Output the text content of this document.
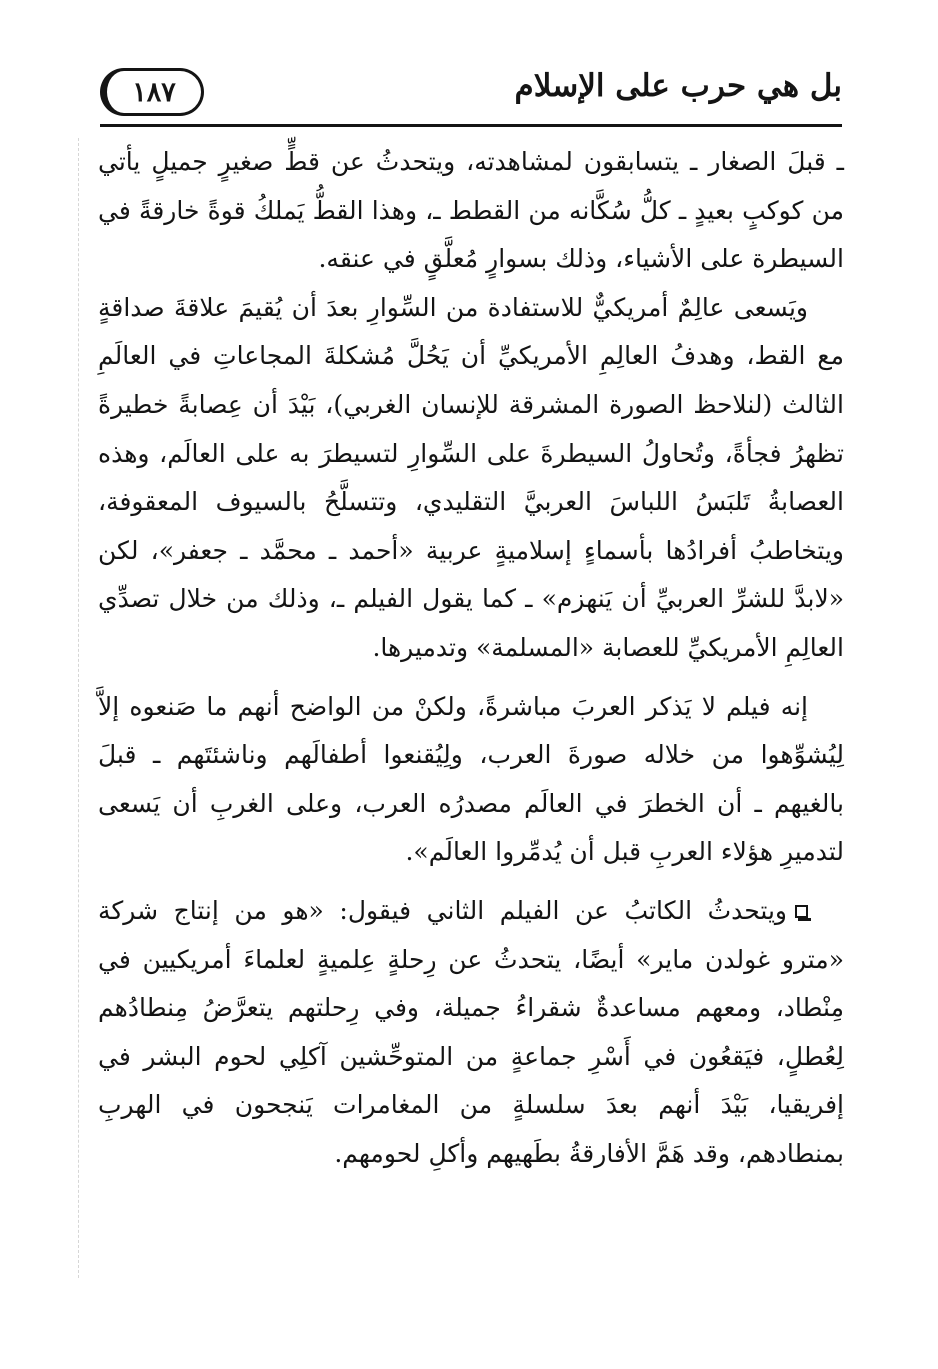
١٨٧	بل هي حرب على الإسلام

ـ قبلَ الصغار ـ يتسابقون لمشاهدته، ويتحدثُ عن قطٍّ صغيرٍ جميلٍ يأتي من كوكبٍ بعيدٍ ـ كلُّ سُكَّانه من القطط ـ، وهذا القطُّ يَملكُ قوةً خارقةً في السيطرة على الأشياء، وذلك بسوارٍ مُعلَّقٍ في عنقه.

ويَسعى عالِمٌ أمريكيٌّ للاستفادة من السِّوارِ بعدَ أن يُقيمَ علاقةَ صداقةٍ مع القط، وهدفُ العالِمِ الأمريكيِّ أن يَحُلَّ مُشكلةَ المجاعاتِ في العالَمِ الثالث (لنلاحظ الصورة المشرقة للإنسان الغربي)، بَيْدَ أن عِصابةً خطيرةً تظهرُ فجأةً، وتُحاولُ السيطرةَ على السِّوارِ لتسيطرَ به على العالَم، وهذه العصابةُ تَلبَسُ اللباسَ العربيَّ التقليدي، وتتسلَّحُ بالسيوف المعقوفة، ويتخاطبُ أفرادُها بأسماءٍ إسلاميةٍ عربية «أحمد ـ محمَّد ـ جعفر»، لكن «لابدَّ للشرِّ العربيِّ أن يَنهزم» ـ كما يقول الفيلم ـ، وذلك من خلال تصدِّي العالِمِ الأمريكيِّ للعصابة «المسلمة» وتدميرها.

إنه فيلم لا يَذكر العربَ مباشرةً، ولكنْ من الواضح أنهم ما صَنعوه إلاَّ لِيُشوِّهوا من خلاله صورةَ العرب، ولِيُقنعوا أطفالَهم وناشئتَهم ـ قبلَ بالغيهم ـ أن الخطرَ في العالَم مصدرُه العرب، وعلى الغربِ أن يَسعى لتدميرِ هؤلاء العربِ قبل أن يُدمِّروا العالَم».

ويتحدثُ الكاتبُ عن الفيلم الثاني فيقول: «هو من إنتاج شركة «مترو غولدن ماير» أيضًا، يتحدثُ عن رِحلةٍ عِلميةٍ لعلماءَ أمريكيين في مِنْطاد، ومعهم مساعدةٌ شقراءُ جميلة، وفي رِحلتهم يتعرَّضُ مِنطادُهم لِعُطلٍ، فيَقعُون في أَسْرِ جماعةٍ من المتوحِّشين آكلِي لحوم البشر في إفريقيا، بَيْدَ أنهم بعدَ سلسلةٍ من المغامرات يَنجحون في الهربِ بمنطادهم، وقد هَمَّ الأفارقةُ بطَهيهم وأكلِ لحومهم.
